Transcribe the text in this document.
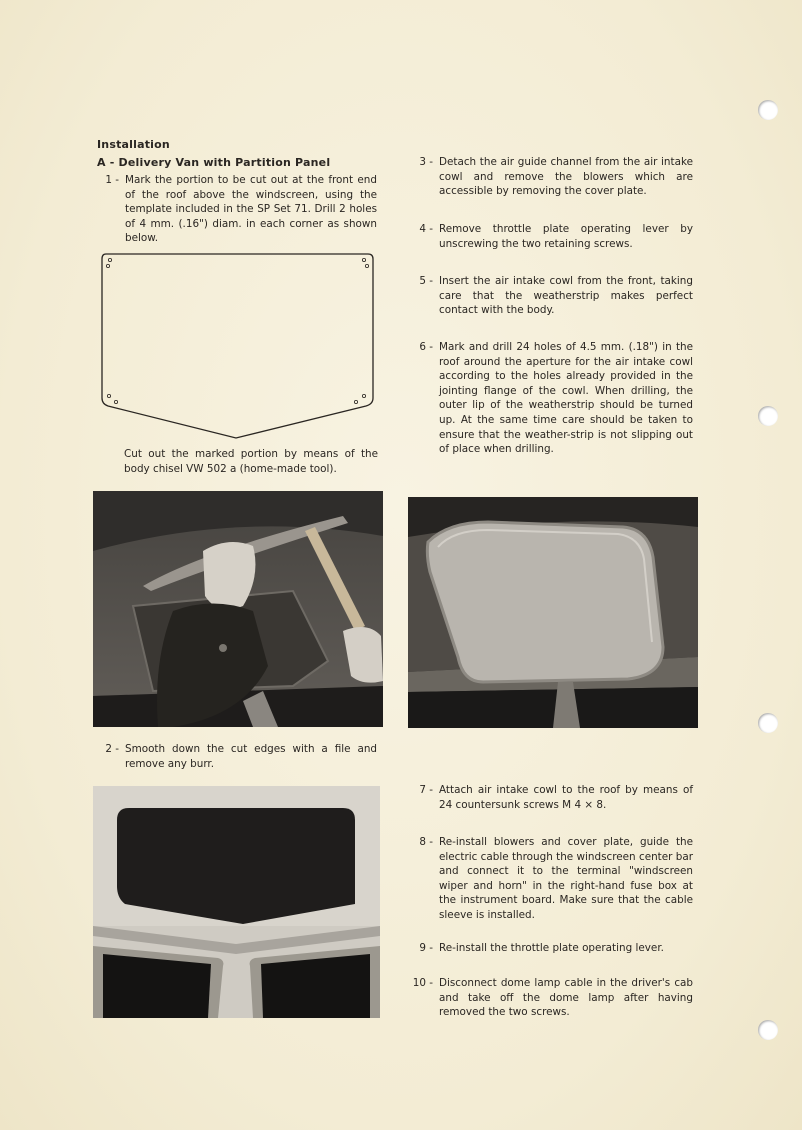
Installation
A - Delivery Van with Partition Panel
1 - Mark the portion to be cut out at the front end of the roof above the windscreen, using the template included in the SP Set 71. Drill 2 holes of 4 mm. (.16") diam. in each corner as shown below.
Cut out the marked portion by means of the body chisel VW 502 a (home-made tool).
3 - Detach the air guide channel from the air intake cowl and remove the blowers which are accessible by removing the cover plate.
4 - Remove throttle plate operating lever by unscrewing the two retaining screws.
5 - Insert the air intake cowl from the front, taking care that the weatherstrip makes perfect contact with the body.
6 - Mark and drill 24 holes of 4.5 mm. (.18") in the roof around the aperture for the air intake cowl according to the holes already provided in the jointing flange of the cowl. When drilling, the outer lip of the weatherstrip should be turned up. At the same time care should be taken to ensure that the weather-strip is not slipping out of place when drilling.
2 - Smooth down the cut edges with a file and remove any burr.
7 - Attach air intake cowl to the roof by means of 24 countersunk screws M 4 × 8.
8 - Re-install blowers and cover plate, guide the electric cable through the windscreen center bar and connect it to the terminal "windscreen wiper and horn" in the right-hand fuse box at the instrument board. Make sure that the cable sleeve is installed.
9 - Re-install the throttle plate operating lever.
10 - Disconnect dome lamp cable in the driver's cab and take off the dome lamp after having removed the two screws.
